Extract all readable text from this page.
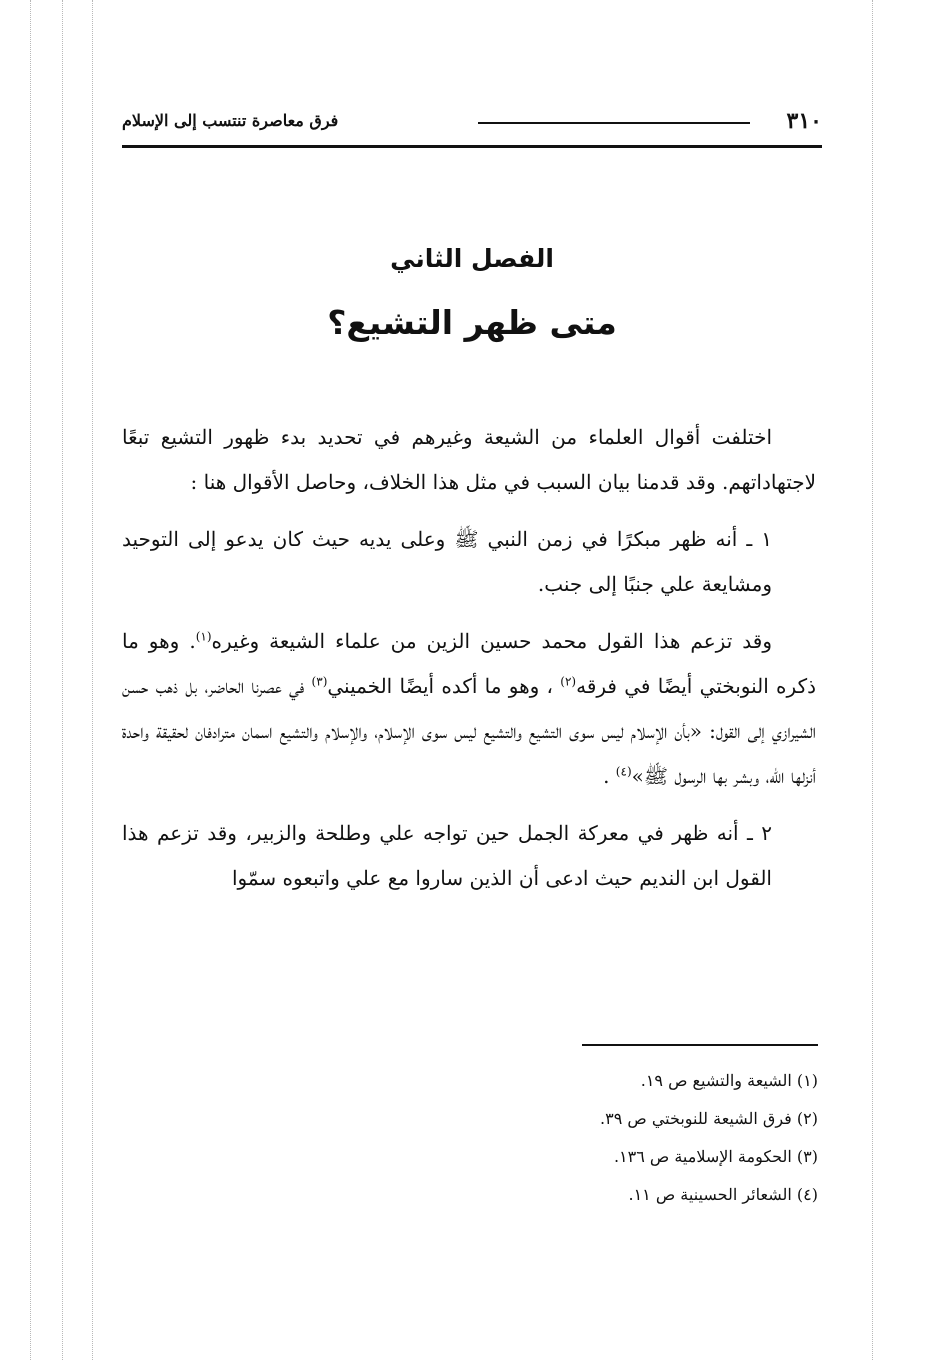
٣١٠
فرق معاصرة تنتسب إلى الإسلام
الفصل الثاني
متى ظهر التشيع؟

اختلفت أقوال العلماء من الشيعة وغيرهم في تحديد بدء ظهور التشيع تبعًا لاجتهاداتهم. وقد قدمنا بيان السبب في مثل هذا الخلاف، وحاصل الأقوال هنا :

١ ـ أنه ظهر مبكرًا في زمن النبي ﷺ وعلى يديه حيث كان يدعو إلى التوحيد ومشايعة علي جنبًا إلى جنب.

وقد تزعم هذا القول محمد حسين الزين من علماء الشيعة وغيره$^{(١)}$. وهو ما ذكره النوبختي أيضًا في فرقه$^{(٢)}$ ، وهو ما أكده أيضًا الخميني$^{(٣)}$ في عصرنا الحاضر، بل ذهب حسن الشيرازي إلى القول: «بأن الإسلام ليس سوى التشيع والتشيع ليس سوى الإسلام، والإسلام والتشيع اسمان مترادفان لحقيقة واحدة أنزلها الله، وبشر بها الرسول ﷺ»$^{(٤)}$ .

٢ ـ أنه ظهر في معركة الجمل حين تواجه علي وطلحة والزبير، وقد تزعم هذا القول ابن النديم حيث ادعى أن الذين ساروا مع علي واتبعوه سمّوا

(١) الشيعة والتشيع ص ١٩.
(٢) فرق الشيعة للنوبختي ص ٣٩.
(٣) الحكومة الإسلامية ص ١٣٦.
(٤) الشعائر الحسينية ص ١١.
